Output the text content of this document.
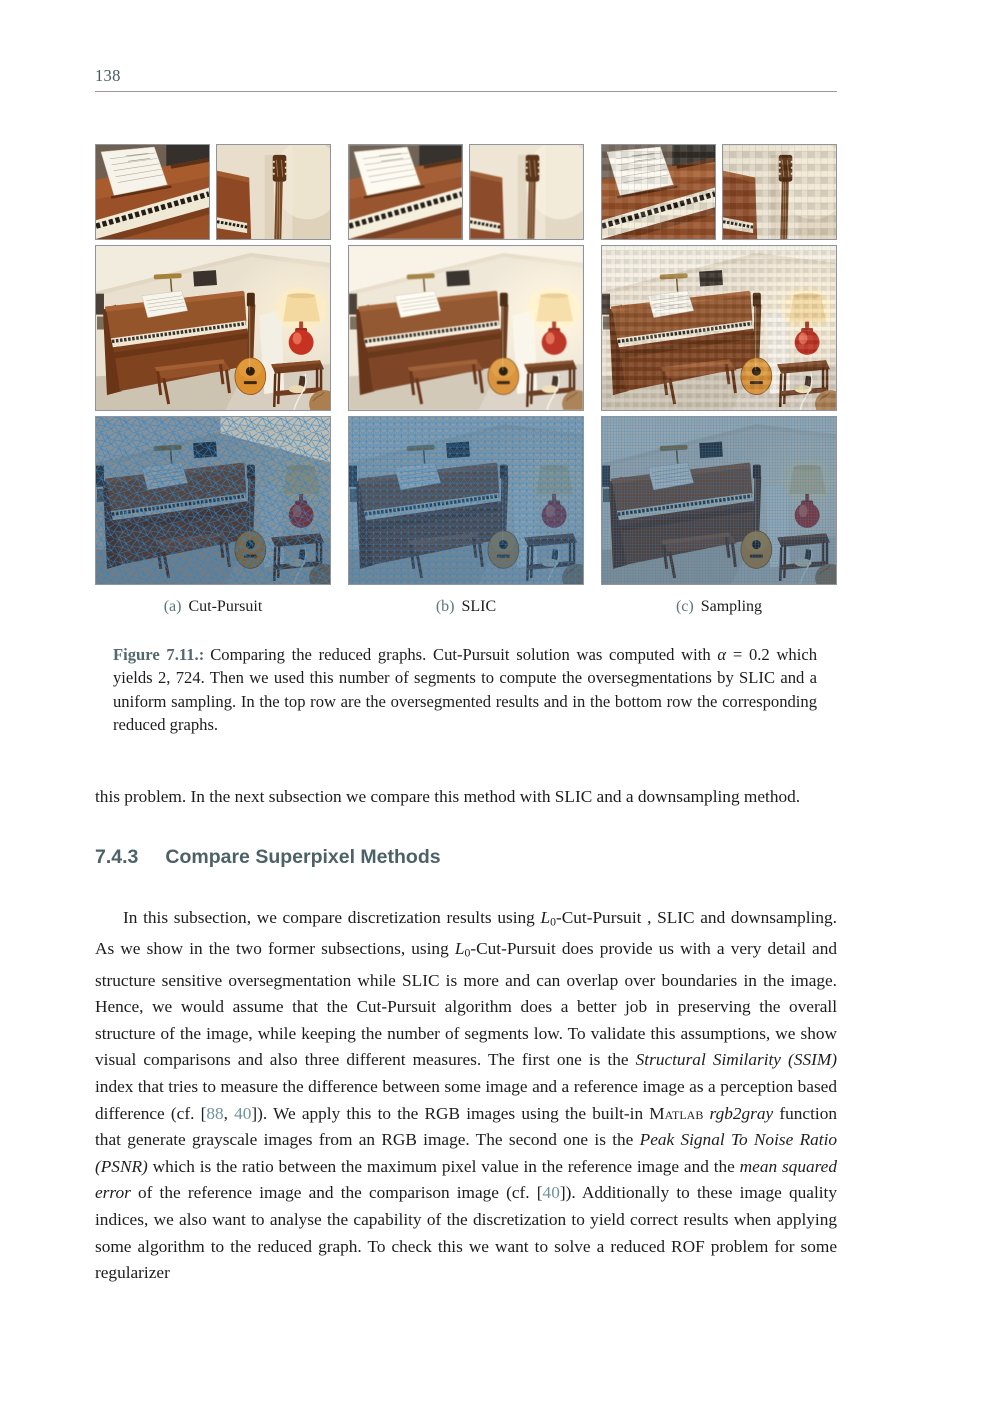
138
(a) Cut-Pursuit	(b) SLIC	(c) Sampling

Figure 7.11.: Comparing the reduced graphs. Cut-Pursuit solution was computed with α = 0.2 which yields 2, 724. Then we used this number of segments to compute the oversegmentations by SLIC and a uniform sampling. In the top row are the oversegmented results and in the bottom row the corresponding reduced graphs.

this problem. In the next subsection we compare this method with SLIC and a downsampling method.

7.4.3 Compare Superpixel Methods

In this subsection, we compare discretization results using L0-Cut-Pursuit , SLIC and downsampling. As we show in the two former subsections, using L0-Cut-Pursuit does provide us with a very detail and structure sensitive oversegmentation while SLIC is more and can overlap over boundaries in the image. Hence, we would assume that the Cut-Pursuit algorithm does a better job in preserving the overall structure of the image, while keeping the number of segments low. To validate this assumptions, we show visual comparisons and also three different measures. The first one is the Structural Similarity (SSIM) index that tries to measure the difference between some image and a reference image as a perception based difference (cf. [88, 40]). We apply this to the RGB images using the built-in Matlab rgb2gray function that generate grayscale images from an RGB image. The second one is the Peak Signal To Noise Ratio (PSNR) which is the ratio between the maximum pixel value in the reference image and the mean squared error of the reference image and the comparison image (cf. [40]). Additionally to these image quality indices, we also want to analyse the capability of the discretization to yield correct results when applying some algorithm to the reduced graph. To check this we want to solve a reduced ROF problem for some regularizer
